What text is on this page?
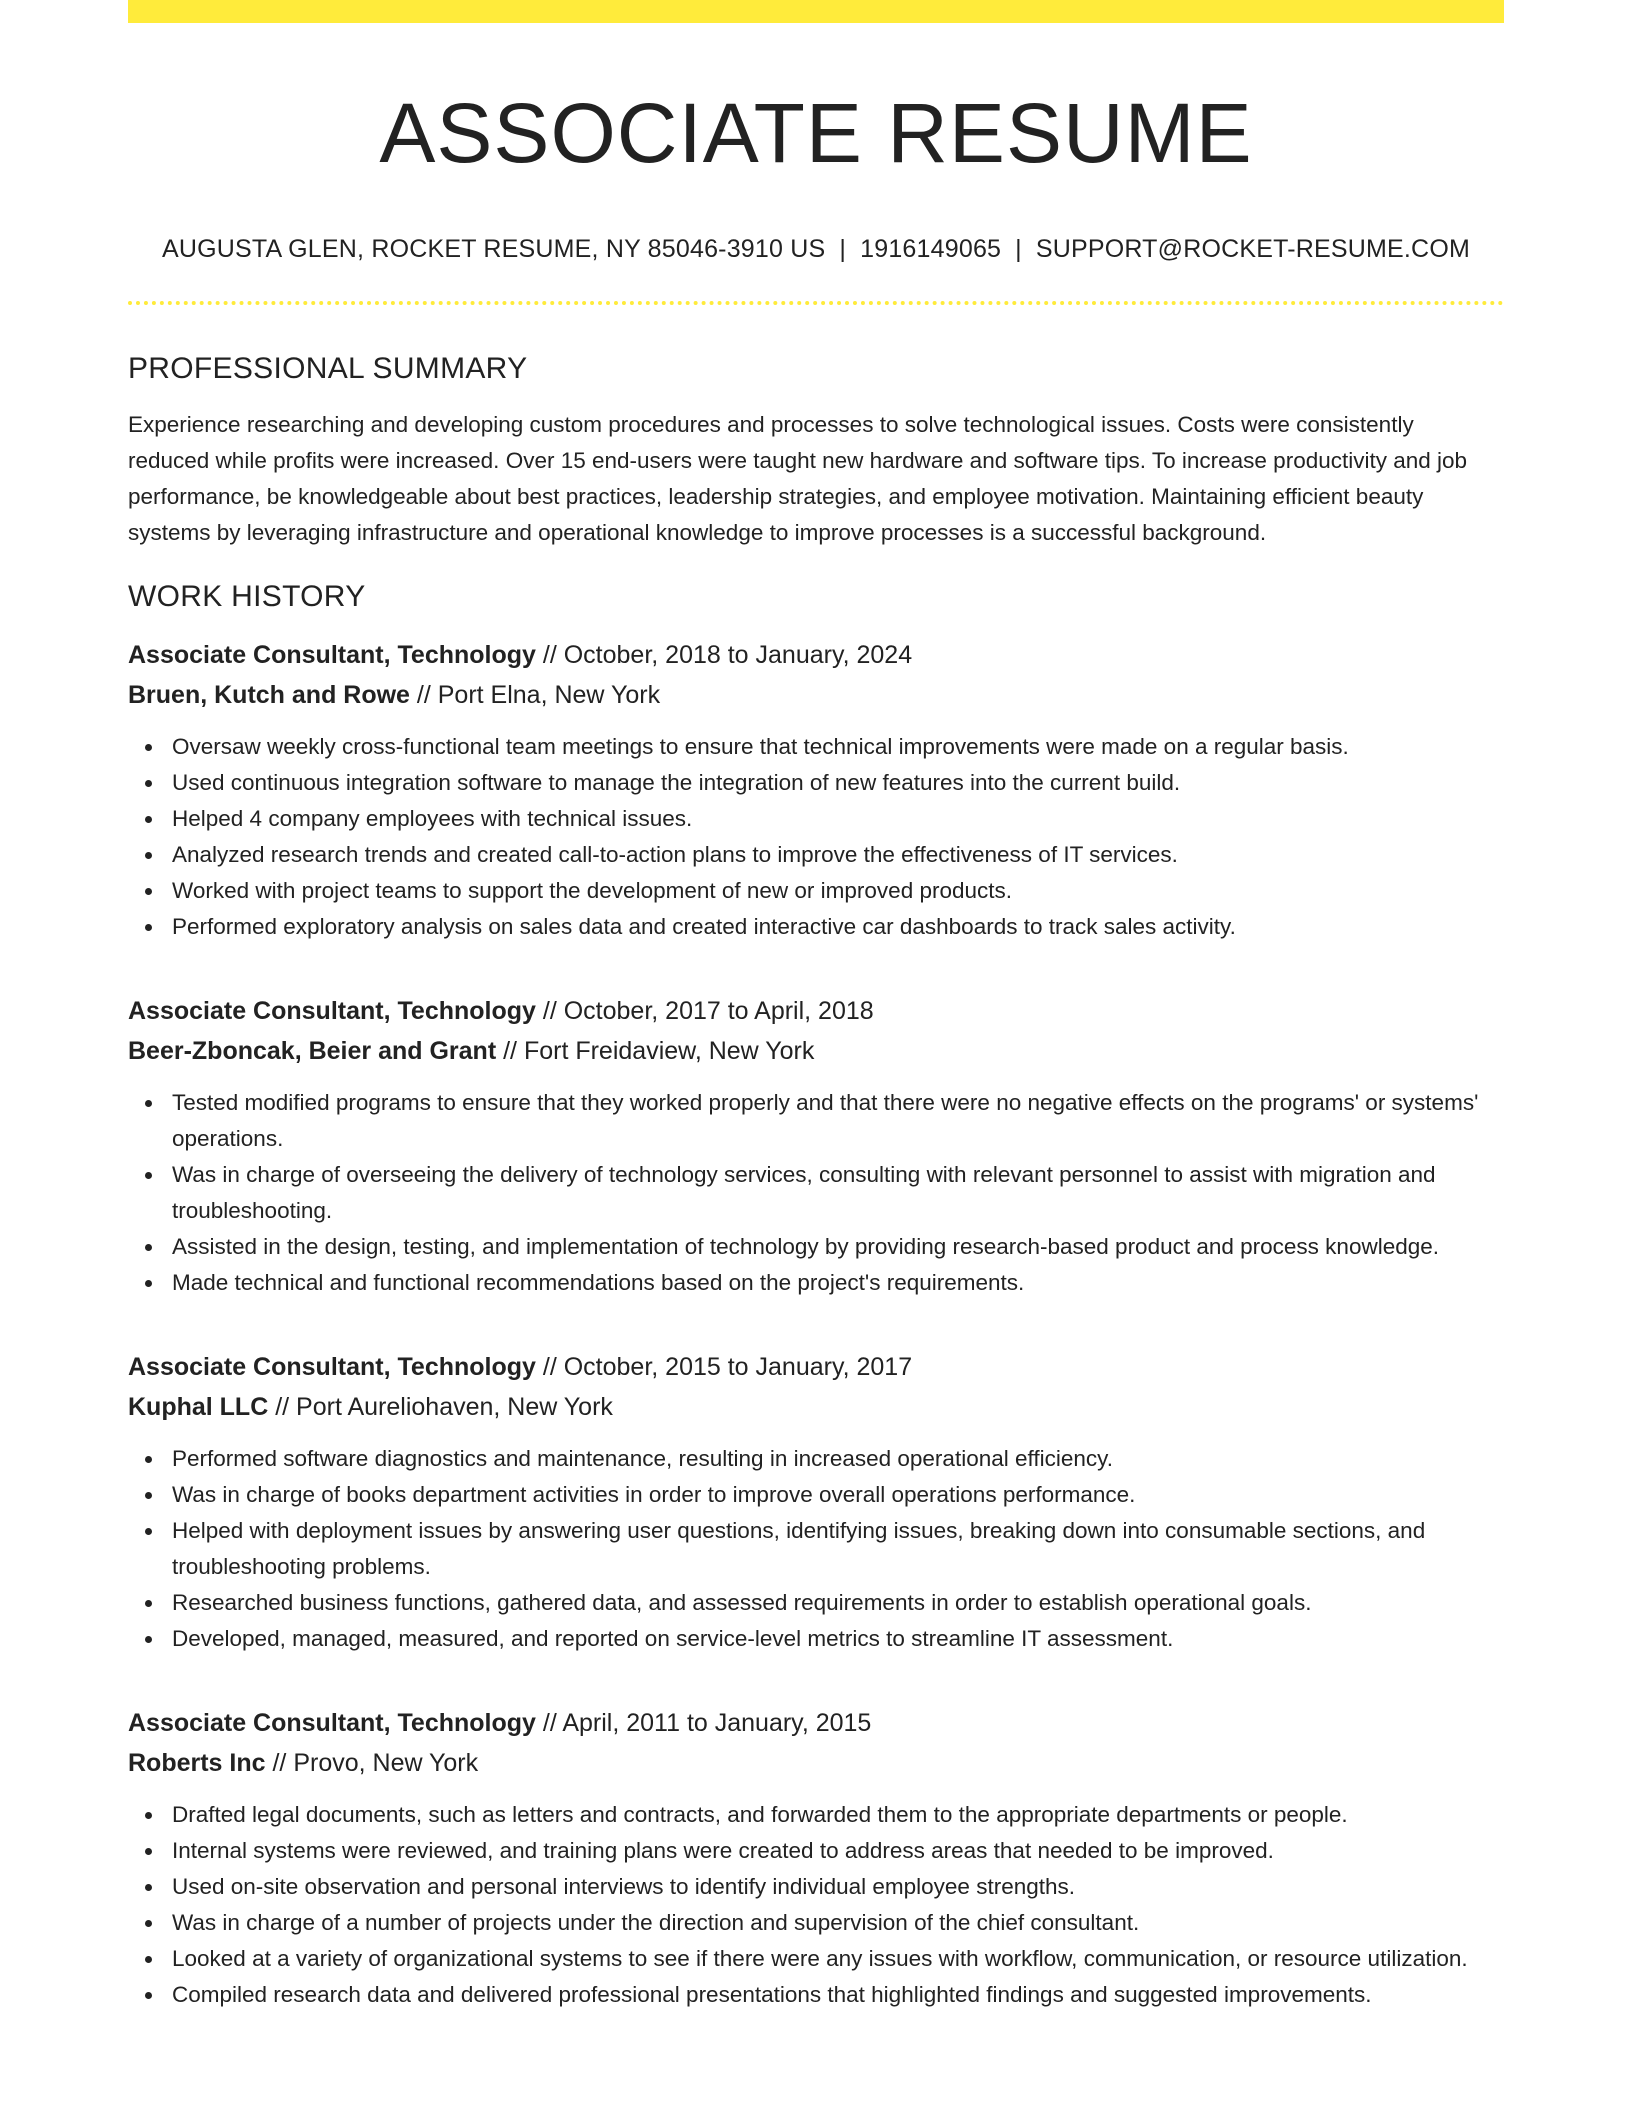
ASSOCIATE RESUME
AUGUSTA GLEN, ROCKET RESUME, NY 85046-3910 US | 1916149065 | SUPPORT@ROCKET-RESUME.COM
PROFESSIONAL SUMMARY

Experience researching and developing custom procedures and processes to solve technological issues. Costs were consistently reduced while profits were increased. Over 15 end-users were taught new hardware and software tips. To increase productivity and job performance, be knowledgeable about best practices, leadership strategies, and employee motivation. Maintaining efficient beauty systems by leveraging infrastructure and operational knowledge to improve processes is a successful background.

WORK HISTORY
Associate Consultant, Technology // October, 2018 to January, 2024
Bruen, Kutch and Rowe // Port Elna, New York
Oversaw weekly cross-functional team meetings to ensure that technical improvements were made on a regular basis.
Used continuous integration software to manage the integration of new features into the current build.
Helped 4 company employees with technical issues.
Analyzed research trends and created call-to-action plans to improve the effectiveness of IT services.
Worked with project teams to support the development of new or improved products.
Performed exploratory analysis on sales data and created interactive car dashboards to track sales activity.
Associate Consultant, Technology // October, 2017 to April, 2018
Beer-Zboncak, Beier and Grant // Fort Freidaview, New York
Tested modified programs to ensure that they worked properly and that there were no negative effects on the programs' or systems' operations.
Was in charge of overseeing the delivery of technology services, consulting with relevant personnel to assist with migration and troubleshooting.
Assisted in the design, testing, and implementation of technology by providing research-based product and process knowledge.
Made technical and functional recommendations based on the project's requirements.
Associate Consultant, Technology // October, 2015 to January, 2017
Kuphal LLC // Port Aureliohaven, New York
Performed software diagnostics and maintenance, resulting in increased operational efficiency.
Was in charge of books department activities in order to improve overall operations performance.
Helped with deployment issues by answering user questions, identifying issues, breaking down into consumable sections, and troubleshooting problems.
Researched business functions, gathered data, and assessed requirements in order to establish operational goals.
Developed, managed, measured, and reported on service-level metrics to streamline IT assessment.
Associate Consultant, Technology // April, 2011 to January, 2015
Roberts Inc // Provo, New York
Drafted legal documents, such as letters and contracts, and forwarded them to the appropriate departments or people.
Internal systems were reviewed, and training plans were created to address areas that needed to be improved.
Used on-site observation and personal interviews to identify individual employee strengths.
Was in charge of a number of projects under the direction and supervision of the chief consultant.
Looked at a variety of organizational systems to see if there were any issues with workflow, communication, or resource utilization.
Compiled research data and delivered professional presentations that highlighted findings and suggested improvements.
